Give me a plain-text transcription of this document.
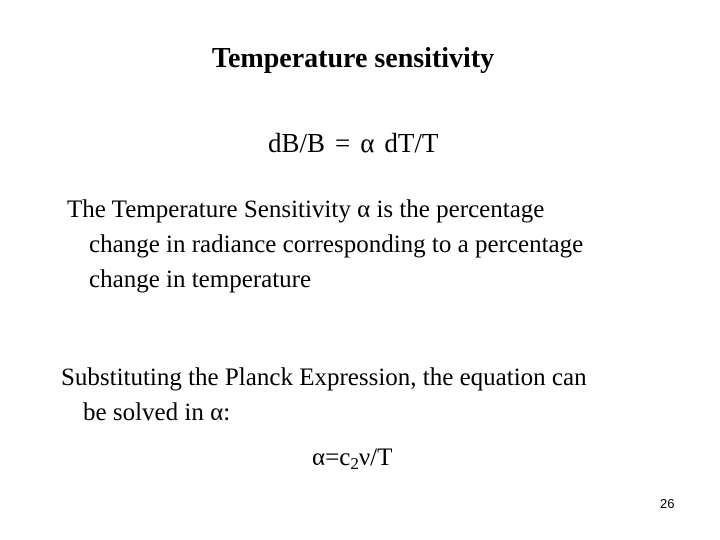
Temperature sensitivity
dB/B = α dT/T
The Temperature Sensitivity α is the percentage
change in radiance corresponding to a percentage
change in temperature
Substituting the Planck Expression, the equation can
be solved in α:
$\alpha=c_2\nu/T$
26
